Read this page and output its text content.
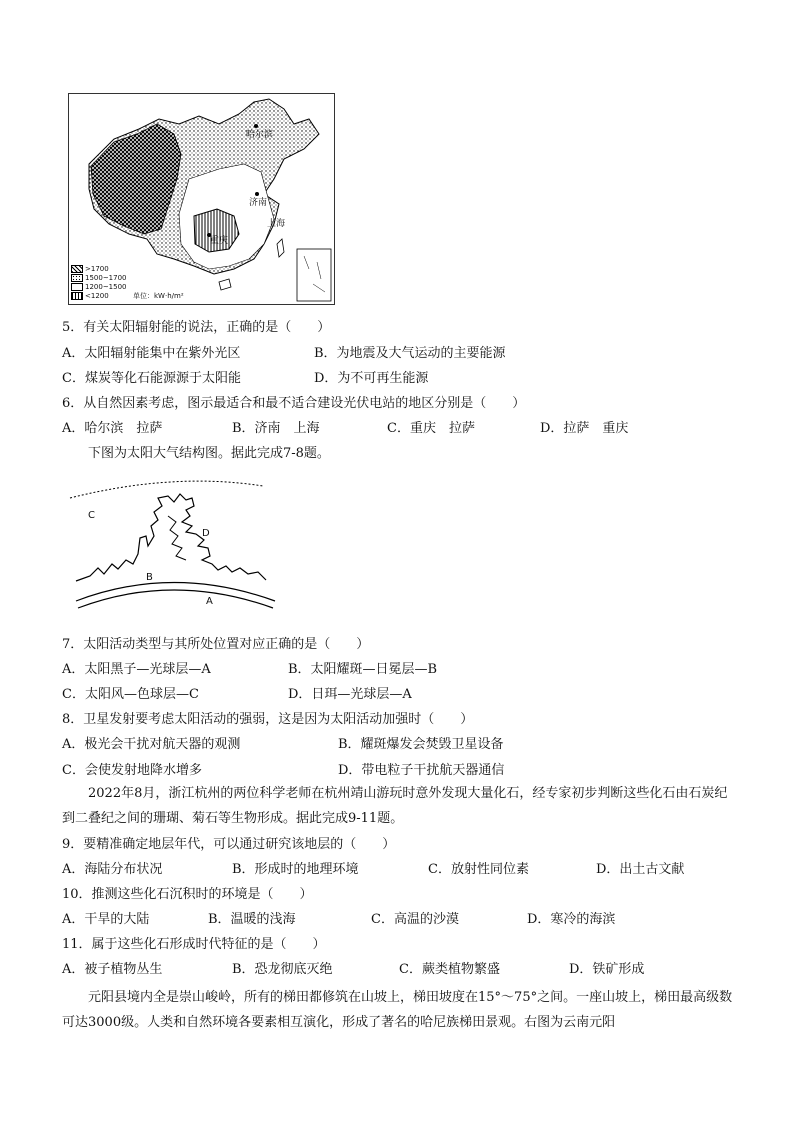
哈尔滨
济南
上海
重庆
>1700
1500~1700
1200~1500
<1200	单位：kW·h/m²
5．有关太阳辐射能的说法，正确的是（　　）
A．太阳辐射能集中在紫外光区	B．为地震及大气运动的主要能源
C．煤炭等化石能源源于太阳能	D．为不可再生能源
6．从自然因素考虑，图示最适合和最不适合建设光伏电站的地区分别是（　　）
A．哈尔滨　拉萨	B．济南　上海	C．重庆　拉萨	D．拉萨　重庆
下图为太阳大气结构图。据此完成7-8题。
C
D
B
A
7．太阳活动类型与其所处位置对应正确的是（　　）
A．太阳黑子—光球层—A	B．太阳耀斑—日冕层—B
C．太阳风—色球层—C	D．日珥—光球层—A
8．卫星发射要考虑太阳活动的强弱，这是因为太阳活动加强时（　　）
A．极光会干扰对航天器的观测	B．耀斑爆发会焚毁卫星设备
C．会使发射地降水增多	D．带电粒子干扰航天器通信
2022年8月，浙江杭州的两位科学老师在杭州靖山游玩时意外发现大量化石，经专家初步判断这些化石由石炭纪到二叠纪之间的珊瑚、菊石等生物形成。据此完成9-11题。
9．要精准确定地层年代，可以通过研究该地层的（　　）
A．海陆分布状况	B．形成时的地理环境	C．放射性同位素	D．出土古文献
10．推测这些化石沉积时的环境是（　　）
A．干旱的大陆	B．温暖的浅海	C．高温的沙漠	D．寒冷的海滨
11．属于这些化石形成时代特征的是（　　）
A．被子植物丛生	B．恐龙彻底灭绝	C．蕨类植物繁盛	D．铁矿形成
元阳县境内全是崇山峻岭，所有的梯田都修筑在山坡上，梯田坡度在15°～75°之间。一座山坡上，梯田最高级数可达3000级。人类和自然环境各要素相互演化，形成了著名的哈尼族梯田景观。右图为云南元阳
